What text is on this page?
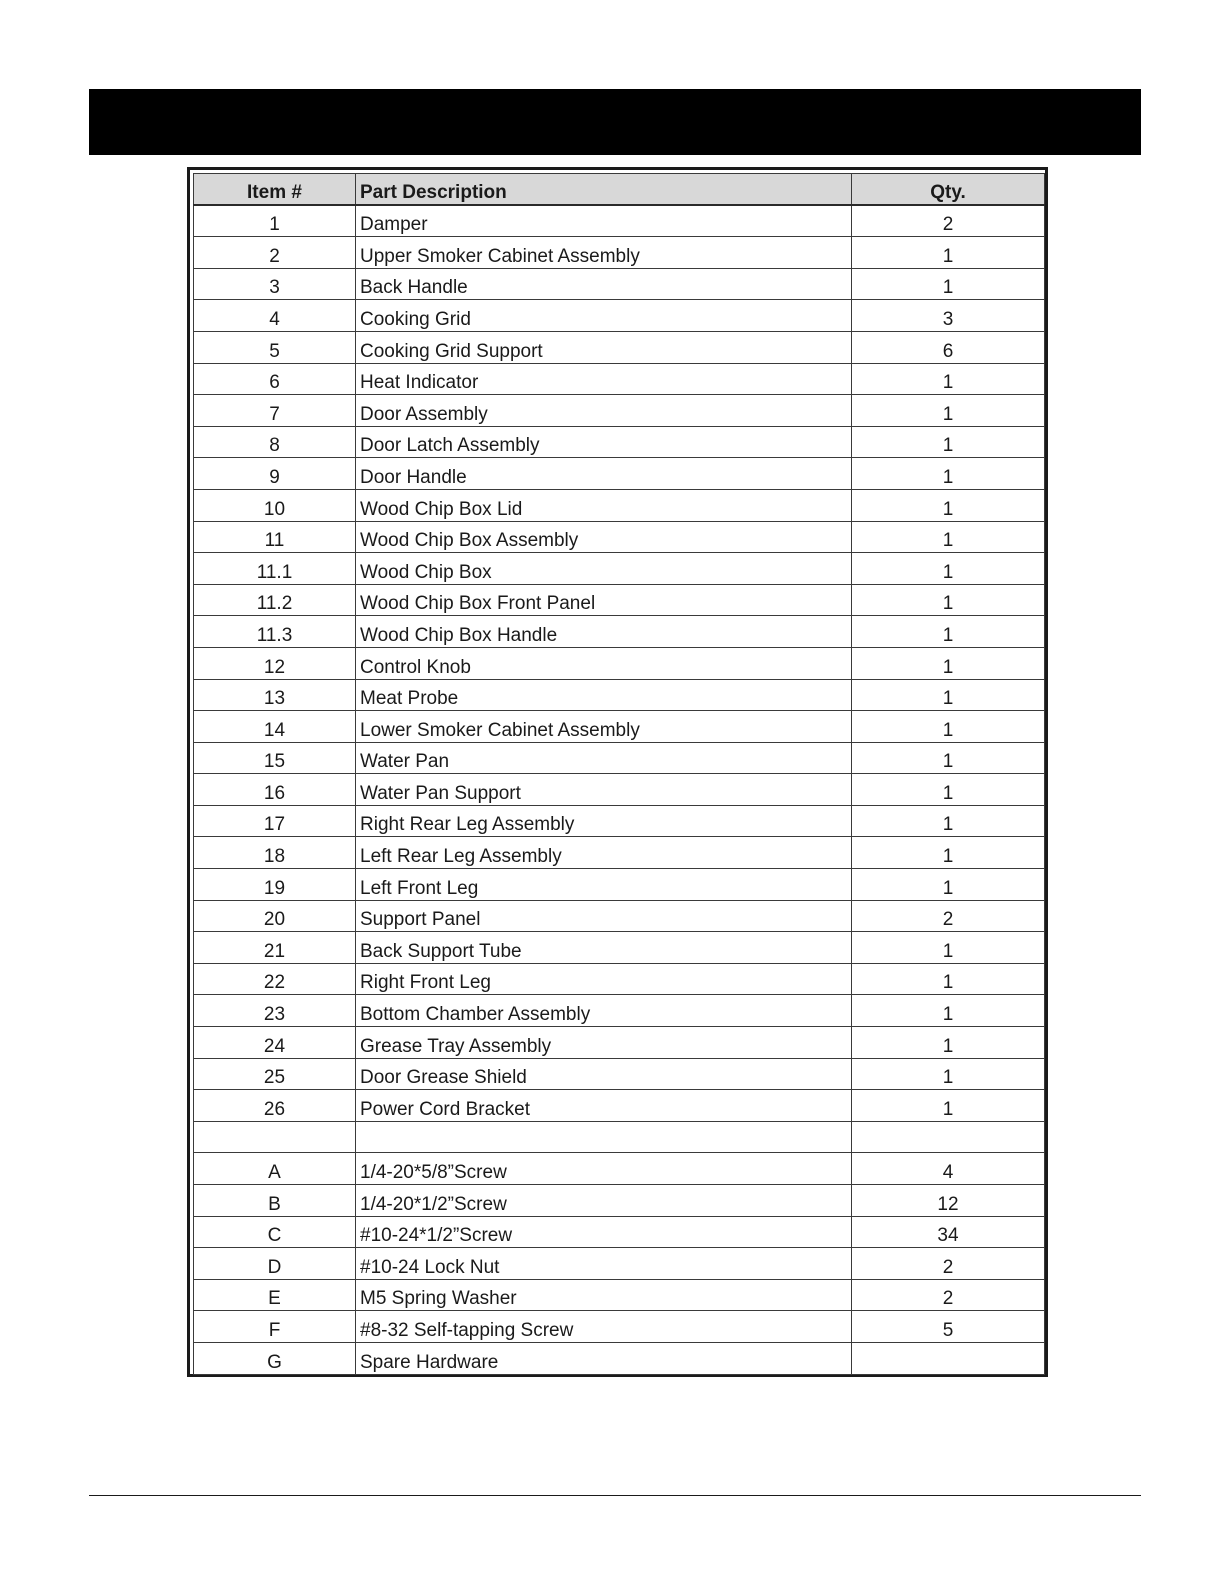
Item #	Part Description	Qty.
1	Damper	2
2	Upper Smoker Cabinet Assembly	1
3	Back Handle	1
4	Cooking Grid	3
5	Cooking Grid Support	6
6	Heat Indicator	1
7	Door Assembly	1
8	Door Latch Assembly	1
9	Door Handle	1
10	Wood Chip Box Lid	1
11	Wood Chip Box Assembly	1
11.1	Wood Chip Box	1
11.2	Wood Chip Box Front Panel	1
11.3	Wood Chip Box Handle	1
12	Control Knob	1
13	Meat Probe	1
14	Lower Smoker Cabinet Assembly	1
15	Water Pan	1
16	Water Pan Support	1
17	Right Rear Leg Assembly	1
18	Left Rear Leg Assembly	1
19	Left Front Leg	1
20	Support Panel	2
21	Back Support Tube	1
22	Right Front Leg	1
23	Bottom Chamber Assembly	1
24	Grease Tray Assembly	1
25	Door Grease Shield	1
26	Power Cord Bracket	1

A	1/4-20*5/8”Screw	4
B	1/4-20*1/2”Screw	12
C	#10-24*1/2”Screw	34
D	#10-24 Lock Nut	2
E	M5 Spring Washer	2
F	#8-32 Self-tapping Screw	5
G	Spare Hardware	
